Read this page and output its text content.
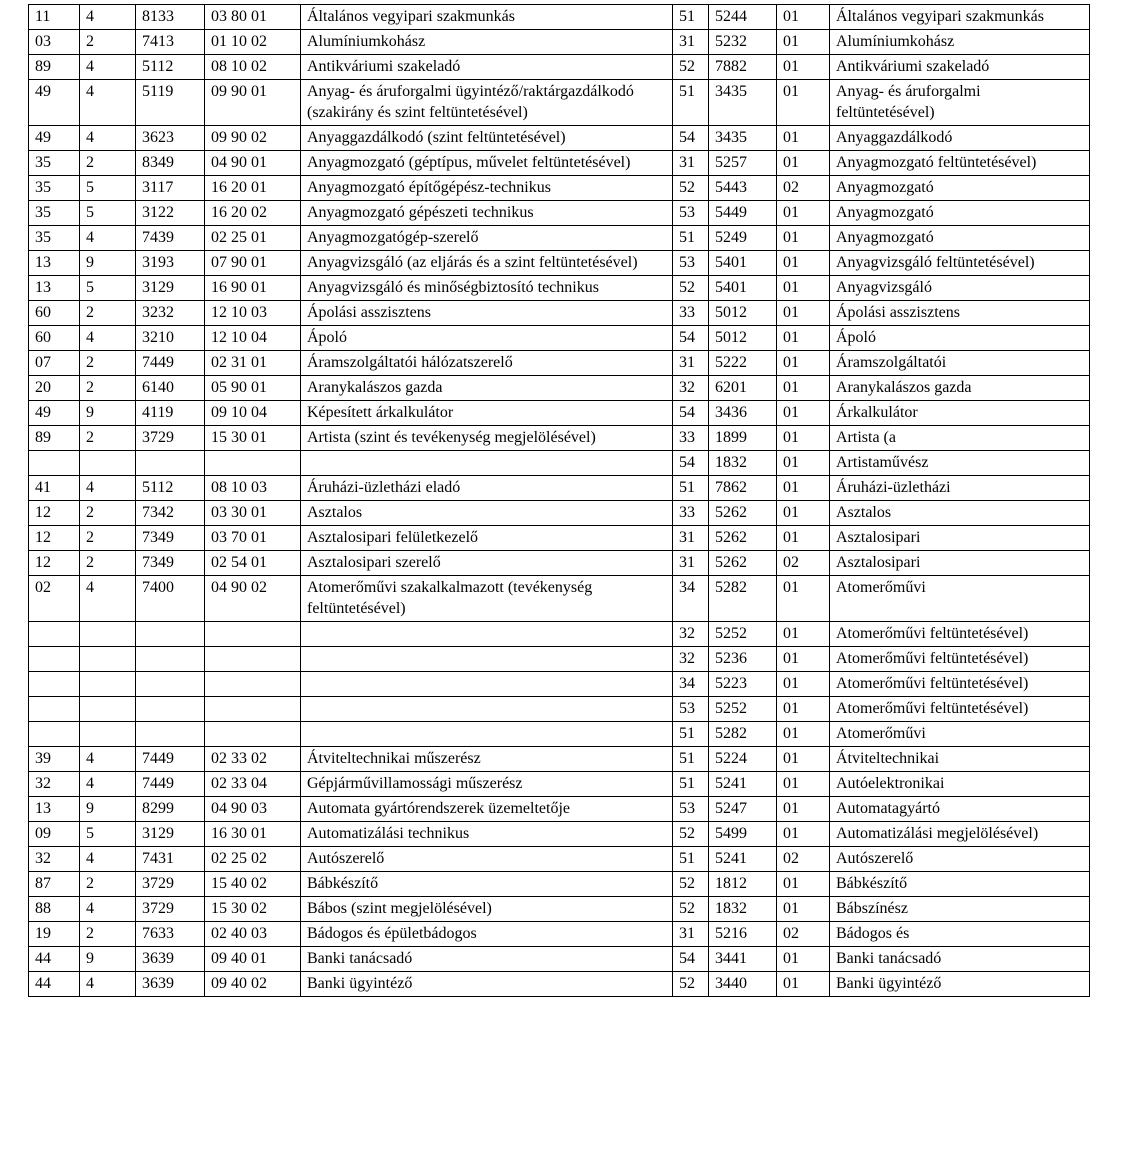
11	4	8133	03 80 01	Általános vegyipari szakmunkás	51	5244	01	Általános vegyipari szakmunkás
03	2	7413	01 10 02	Alumíniumkohász	31	5232	01	Alumíniumkohász
89	4	5112	08 10 02	Antikváriumi szakeladó	52	7882	01	Antikváriumi szakeladó
49	4	5119	09 90 01	Anyag- és áruforgalmi ügyintéző/raktárgazdálkodó (szakirány és szint feltüntetésével)	51	3435	01	Anyag- és áruforgalmi feltüntetésével)
49	4	3623	09 90 02	Anyaggazdálkodó (szint feltüntetésével)	54	3435	01	Anyaggazdálkodó
35	2	8349	04 90 01	Anyagmozgató (géptípus, művelet feltüntetésével)	31	5257	01	Anyagmozgató feltüntetésével)
35	5	3117	16 20 01	Anyagmozgató építőgépész-technikus	52	5443	02	Anyagmozgató
35	5	3122	16 20 02	Anyagmozgató gépészeti technikus	53	5449	01	Anyagmozgató
35	4	7439	02 25 01	Anyagmozgatógép-szerelő	51	5249	01	Anyagmozgató
13	9	3193	07 90 01	Anyagvizsgáló (az eljárás és a szint feltüntetésével)	53	5401	01	Anyagvizsgáló feltüntetésével)
13	5	3129	16 90 01	Anyagvizsgáló és minőségbiztosító technikus	52	5401	01	Anyagvizsgáló
60	2	3232	12 10 03	Ápolási asszisztens	33	5012	01	Ápolási asszisztens
60	4	3210	12 10 04	Ápoló	54	5012	01	Ápoló
07	2	7449	02 31 01	Áramszolgáltatói hálózatszerelő	31	5222	01	Áramszolgáltatói
20	2	6140	05 90 01	Aranykalászos gazda	32	6201	01	Aranykalászos gazda
49	9	4119	09 10 04	Képesített árkalkulátor	54	3436	01	Árkalkulátor
89	2	3729	15 30 01	Artista (szint és tevékenység megjelölésével)	33	1899	01	Artista (a
					54	1832	01	Artistaművész
41	4	5112	08 10 03	Áruházi-üzletházi eladó	51	7862	01	Áruházi-üzletházi
12	2	7342	03 30 01	Asztalos	33	5262	01	Asztalos
12	2	7349	03 70 01	Asztalosipari felületkezelő	31	5262	01	Asztalosipari
12	2	7349	02 54 01	Asztalosipari szerelő	31	5262	02	Asztalosipari
02	4	7400	04 90 02	Atomerőművi szakalkalmazott (tevékenység feltüntetésével)	34	5282	01	Atomerőművi
					32	5252	01	Atomerőművi feltüntetésével)
					32	5236	01	Atomerőművi feltüntetésével)
					34	5223	01	Atomerőművi feltüntetésével)
					53	5252	01	Atomerőművi feltüntetésével)
					51	5282	01	Atomerőművi
39	4	7449	02 33 02	Átviteltechnikai műszerész	51	5224	01	Átviteltechnikai
32	4	7449	02 33 04	Gépjárművillamossági műszerész	51	5241	01	Autóelektronikai
13	9	8299	04 90 03	Automata gyártórendszerek üzemeltetője	53	5247	01	Automatagyártó
09	5	3129	16 30 01	Automatizálási technikus	52	5499	01	Automatizálási megjelölésével)
32	4	7431	02 25 02	Autószerelő	51	5241	02	Autószerelő
87	2	3729	15 40 02	Bábkészítő	52	1812	01	Bábkészítő
88	4	3729	15 30 02	Bábos (szint megjelölésével)	52	1832	01	Bábszínész
19	2	7633	02 40 03	Bádogos és épületbádogos	31	5216	02	Bádogos és
44	9	3639	09 40 01	Banki tanácsadó	54	3441	01	Banki tanácsadó
44	4	3639	09 40 02	Banki ügyintéző	52	3440	01	Banki ügyintéző
